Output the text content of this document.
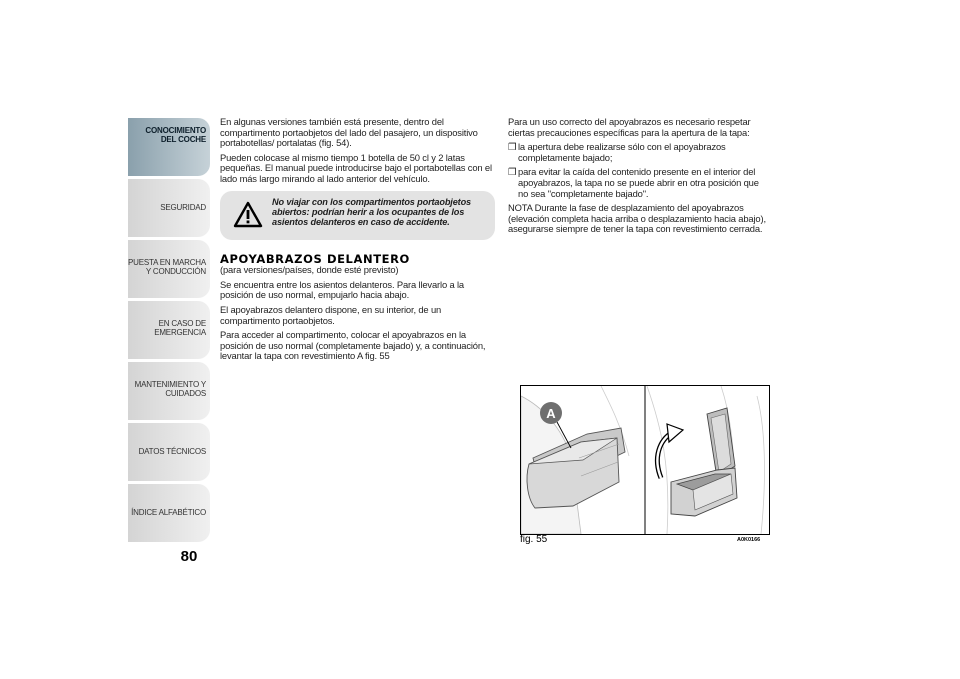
CONOCIMIENTO
DEL COCHE
SEGURIDAD
PUESTA EN MARCHA
Y CONDUCCIÓN
EN CASO DE
EMERGENCIA
MANTENIMIENTO Y
CUIDADOS
DATOS TÉCNICOS
ÍNDICE ALFABÉTICO
80

En algunas versiones también está presente, dentro del compartimento portaobjetos del lado del pasajero, un dispositivo portabotellas/ portalatas (fig. 54).

Pueden colocase al mismo tiempo 1 botella de 50 cl y 2 latas pequeñas. El manual puede introducirse bajo el portabotellas con el lado más largo mirando al lado anterior del vehículo.

No viajar con los compartimentos portaobjetos abiertos: podrían herir a los ocupantes de los asientos delanteros en caso de accidente.
APOYABRAZOS DELANTERO

(para versiones/países, donde esté previsto)

Se encuentra entre los asientos delanteros. Para llevarlo a la posición de uso normal, empujarlo hacia abajo.

El apoyabrazos delantero dispone, en su interior, de un compartimento portaobjetos.

Para acceder al compartimento, colocar el apoyabrazos en la posición de uso normal (completamente bajado) y, a continuación, levantar la tapa con revestimiento A fig. 55

Para un uso correcto del apoyabrazos es necesario respetar ciertas precauciones específicas para la apertura de la tapa:

❒ la apertura debe realizarse sólo con el apoyabrazos completamente bajado;
❒ para evitar la caída del contenido presente en el interior del apoyabrazos, la tapa no se puede abrir en otra posición que no sea "completamente bajado".

NOTA Durante la fase de desplazamiento del apoyabrazos (elevación completa hacia arriba o desplazamiento hacia abajo), asegurarse siempre de tener la tapa con revestimiento cerrada.

A
fig. 55	A0K0166
